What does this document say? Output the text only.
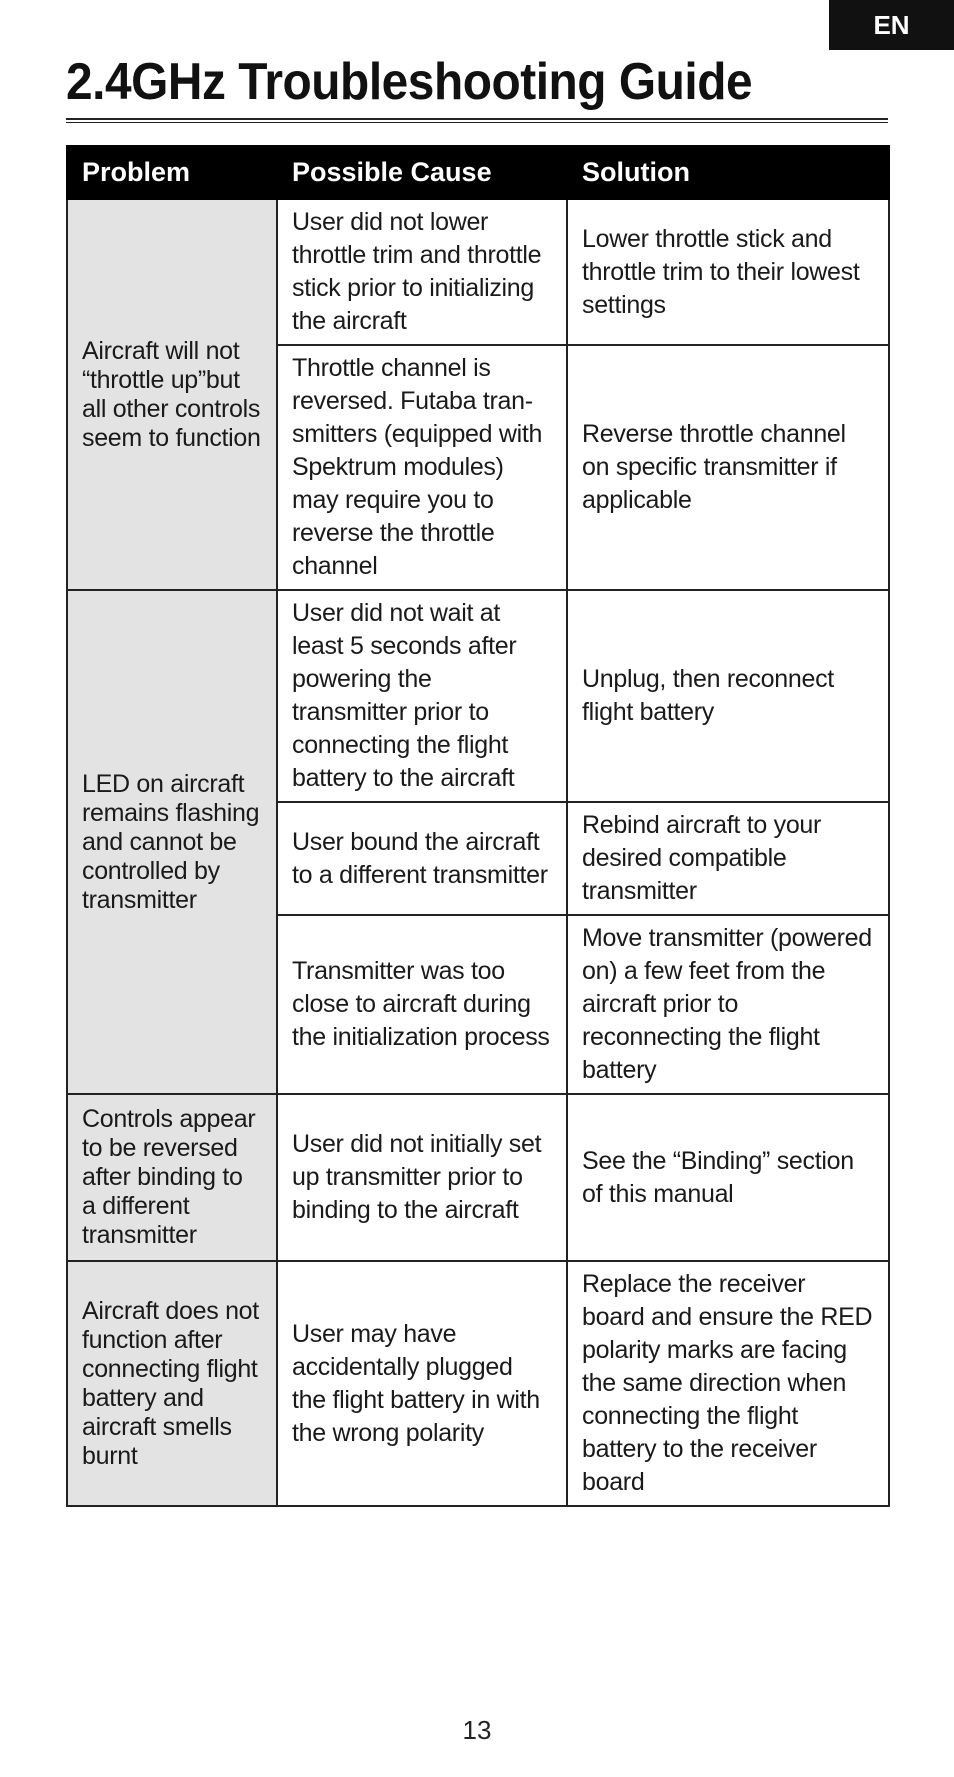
EN
2.4GHz Troubleshooting Guide
Problem	Possible Cause	Solution
Aircraft will not “throttle up”but all other controls seem to function	User did not lower throttle trim and throttle stick prior to initializing the aircraft	Lower throttle stick and throttle trim to their lowest settings
	Throttle channel is reversed. Futaba transmitters (equipped with Spektrum modules) may require you to reverse the throttle channel	Reverse throttle channel on specific transmitter if applicable
LED on aircraft remains flashing and cannot be controlled by transmitter	User did not wait at least 5 seconds after powering the transmitter prior to connecting the flight battery to the aircraft	Unplug, then reconnect flight battery
	User bound the aircraft to a different transmitter	Rebind aircraft to your desired compatible transmitter
	Transmitter was too close to aircraft during the initialization process	Move transmitter (powered on) a few feet from the aircraft prior to reconnecting the flight battery
Controls appear to be reversed after binding to a different transmitter	User did not initially set up transmitter prior to binding to the aircraft	See the “Binding” section of this manual
Aircraft does not function after connecting flight battery and aircraft smells burnt	User may have accidentally plugged the flight battery in with the wrong polarity	Replace the receiver board and ensure the RED polarity marks are facing the same direction when connecting the flight battery to the receiver board
13
